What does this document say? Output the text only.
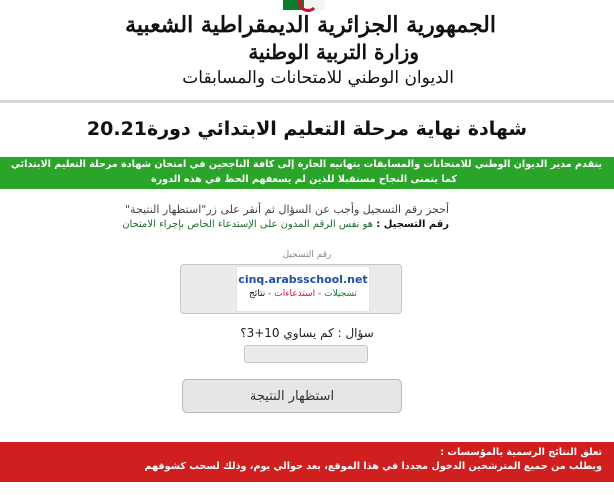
الجمهورية الجزائرية الديمقراطية الشعبية
وزارة التربية الوطنية
الديوان الوطني للامتحانات والمسابقات
شهادة نهاية مرحلة التعليم الابتدائي دورة20.21
يتقدم مدير الديوان الوطني للامتحانات والمسابقات بتهانيه الحارة إلى كافة الناجحين في امتحان شهادة مرحلة التعليم الابتدائي
كما يتمنى النجاح مستقبلا للذين لم يسعفهم الحظ في هذه الدورة
أحجز رقم التسجيل وأجب عن السؤال ثم أنقر على زر"استظهار النتيجة"
رقم التسجيل : هو نفس الرقم المدون على الإستدعاء الخاص بإجراء الامتحان
رقم التسجيل
cinq.arabsschool.net
تسجيلات - استدعاءات - نتائج
سؤال : كم يساوي 10+3؟
استظهار النتيجة
تعلق النتائج الرسمية بالمؤسسات :
ويطلب من جميع المترشحين الدخول مجددا في هذا الموقع، بعد حوالي يوم، وذلك لسحب كشوفهم
